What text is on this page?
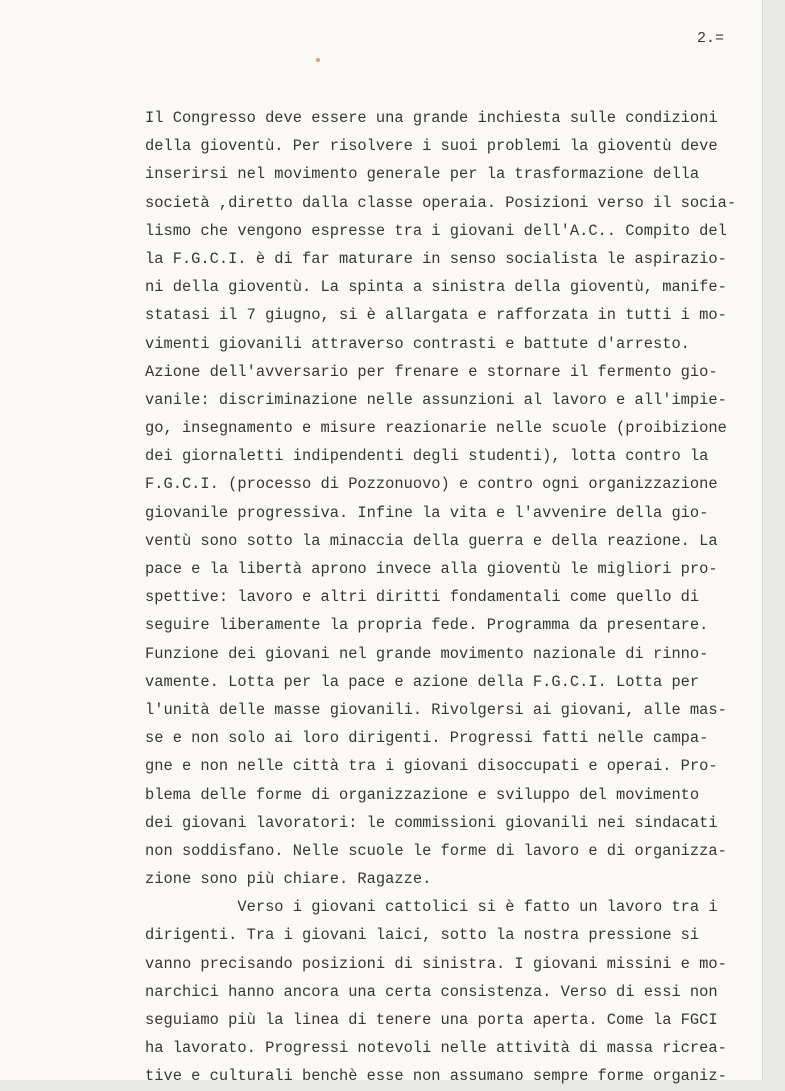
2.=
Il Congresso deve essere una grande inchiesta sulle condizioni
della gioventù. Per risolvere i suoi problemi la gioventù deve
inserirsi nel movimento generale per la trasformazione della
società ,diretto dalla classe operaia. Posizioni verso il socia-
lismo che vengono espresse tra i giovani dell'A.C.. Compito del
la F.G.C.I. è di far maturare in senso socialista le aspirazio-
ni della gioventù. La spinta a sinistra della gioventù, manife-
statasi il 7 giugno, si è allargata e rafforzata in tutti i mo-
vimenti giovanili attraverso contrasti e battute d'arresto.
Azione dell'avversario per frenare e stornare il fermento gio-
vanile: discriminazione nelle assunzioni al lavoro e all'impie-
go, insegnamento e misure reazionarie nelle scuole (proibizione
dei giornaletti indipendenti degli studenti), lotta contro la
F.G.C.I. (processo di Pozzonuovo) e contro ogni organizzazione
giovanile progressiva. Infine la vita e l'avvenire della gio-
ventù sono sotto la minaccia della guerra e della reazione. La
pace e la libertà aprono invece alla gioventù le migliori pro-
spettive: lavoro e altri diritti fondamentali come quello di
seguire liberamente la propria fede. Programma da presentare.
Funzione dei giovani nel grande movimento nazionale di rinno-
vamente. Lotta per la pace e azione della F.G.C.I. Lotta per
l'unità delle masse giovanili. Rivolgersi ai giovani, alle mas-
se e non solo ai loro dirigenti. Progressi fatti nelle campa-
gne e non nelle città tra i giovani disoccupati e operai. Pro-
blema delle forme di organizzazione e sviluppo del movimento
dei giovani lavoratori: le commissioni giovanili nei sindacati
non soddisfano. Nelle scuole le forme di lavoro e di organizza-
zione sono più chiare. Ragazze.
Verso i giovani cattolici si è fatto un lavoro tra i
dirigenti. Tra i giovani laici, sotto la nostra pressione si
vanno precisando posizioni di sinistra. I giovani missini e mo-
narchici hanno ancora una certa consistenza. Verso di essi non
seguiamo più la linea di tenere una porta aperta. Come la FGCI
ha lavorato. Progressi notevoli nelle attività di massa ricrea-
tive e culturali benchè esse non assumano sempre forme organiz-
